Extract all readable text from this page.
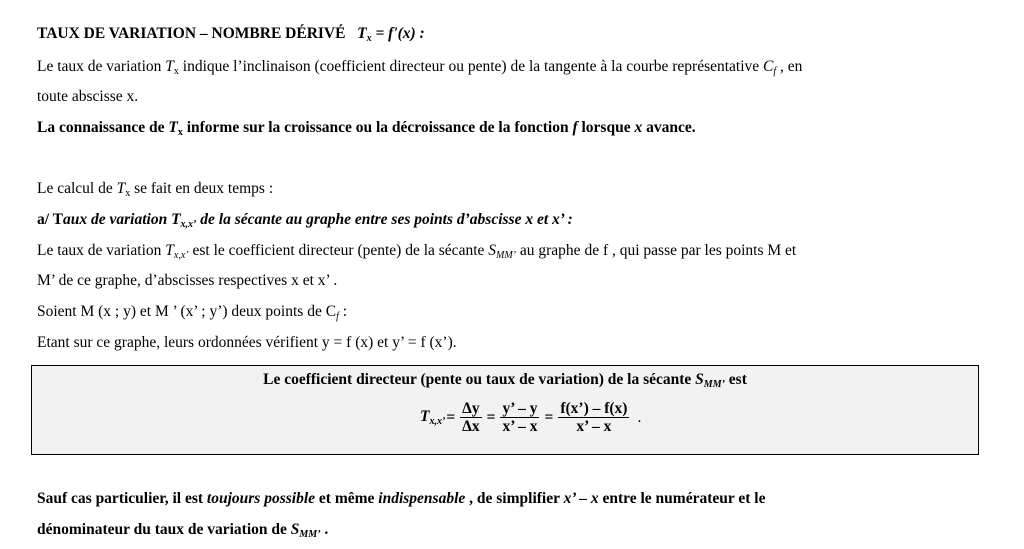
TAUX DE VARIATION – NOMBRE DÉRIVÉ $T_x = f'(x)$ :
Le taux de variation $T_x$ indique l’inclinaison (coefficient directeur ou pente) de la tangente à la courbe représentative $C_f$ , en
toute abscisse x.
La connaissance de $T_x$ informe sur la croissance ou la décroissance de la fonction f lorsque x avance.
Le calcul de $T_x$ se fait en deux temps :
a/ Taux de variation $T_{x,x’}$ de la sécante au graphe entre ses points d’abscisse x et x’ :
Le taux de variation $T_{x,x’}$ est le coefficient directeur (pente) de la sécante $S_{MM’}$ au graphe de f , qui passe par les points M et
M’ de ce graphe, d’abscisses respectives x et x’ .
Soient M (x ; y) et M ’ (x’ ; y’) deux points de $C_f$ :
Etant sur ce graphe, leurs ordonnées vérifient y = f (x) et y’ = f (x’).
Le coefficient directeur (pente ou taux de variation) de la sécante $S_{MM’}$ est
$T_{x,x’} = \frac{\Delta y}{\Delta x} = \frac{y’ - y}{x’ - x} = \frac{f(x’) - f(x)}{x’ - x}$ .
Sauf cas particulier, il est toujours possible et même indispensable , de simplifier x’ – x entre le numérateur et le
dénominateur du taux de variation de $S_{MM’}$ .
